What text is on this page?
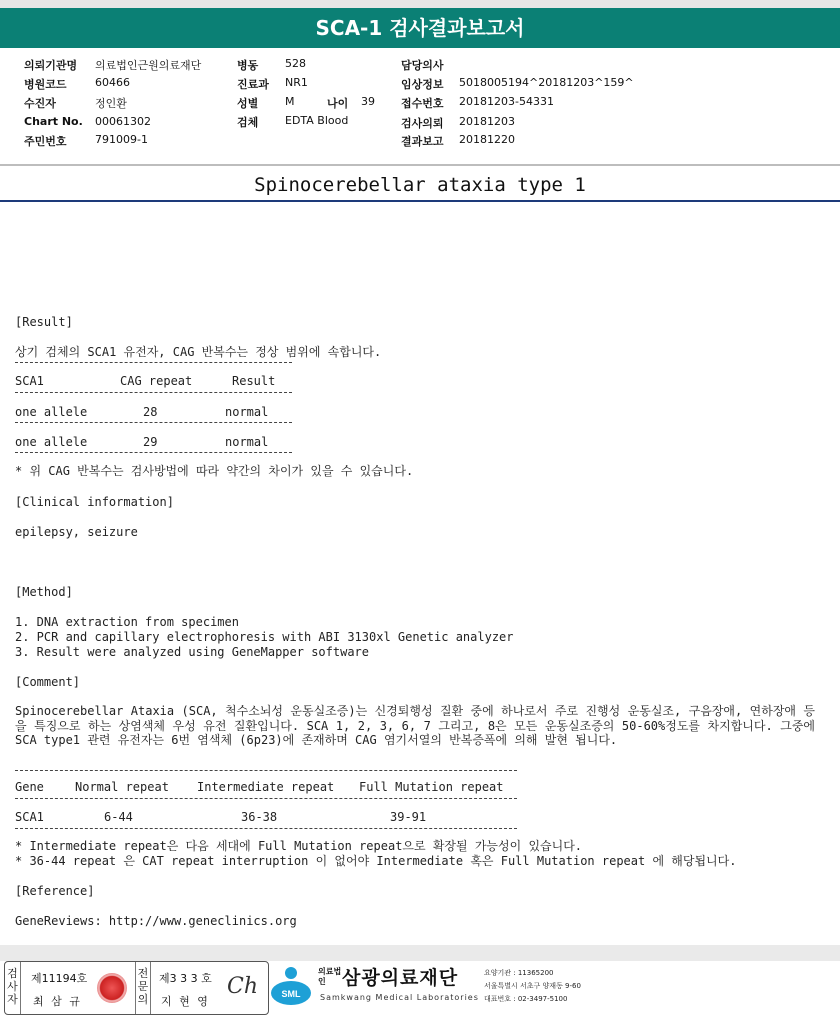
SCA-1 검사결과보고서
의뢰기관명 의료법인근원의료재단
병원코드	60466
수진자	정인환
Chart No. 00061302
주민번호	791009-1
병동 528
진료과 NR1
성별 M	나이 39
검체 EDTA Blood
담당의사
임상정보 5018005194^20181203^159^
접수번호 20181203-54331
검사의뢰 20181203
결과보고 20181220
Spinocerebellar ataxia type 1
[Result]
상기 검체의 SCA1 유전자, CAG 반복수는 정상 범위에 속합니다.
SCA1	CAG repeat	Result
one allele	28	normal
one allele	29	normal
* 위 CAG 반복수는 검사방법에 따라 약간의 차이가 있을 수 있습니다.
[Clinical information]
epilepsy, seizure
[Method]
1. DNA extraction from specimen
2. PCR and capillary electrophoresis with ABI 3130xl Genetic analyzer
3. Result were analyzed using GeneMapper software
[Comment]
Spinocerebellar Ataxia (SCA, 척수소뇌성 운동실조증)는 신경퇴행성 질환 중에 하나로서 주로 진행성 운동실조, 구음장애, 연하장애 등을 특징으로 하는 상염색체 우성 유전 질환입니다. SCA 1, 2, 3, 6, 7 그리고, 8은 모든 운동실조증의 50-60%정도를 차지합니다. 그중에 SCA type1 관련 유전자는 6번 염색체 (6p23)에 존재하며 CAG 염기서열의 반복증폭에 의해 발현 됩니다.
Gene	Normal repeat Intermediate repeat Full Mutation repeat
SCA1	6-44	36-38	39-91
* Intermediate repeat은 다음 세대에 Full Mutation repeat으로 확장될 가능성이 있습니다.
* 36-44 repeat 은 CAT repeat interruption 이 없어야 Intermediate 혹은 Full Mutation repeat 에 해당됩니다.
[Reference]
GeneReviews: http://www.geneclinics.org
검
사
자
제11194호
최 삼 규
전
문
의
제3 3 3 호
지 현 영
Ch	SML
의료법인 삼광의료재단
Samkwang Medical Laboratories
요양기관 : 11365200
서울특별시 서초구 양재동 9-60
대표번호 : 02-3497-5100
